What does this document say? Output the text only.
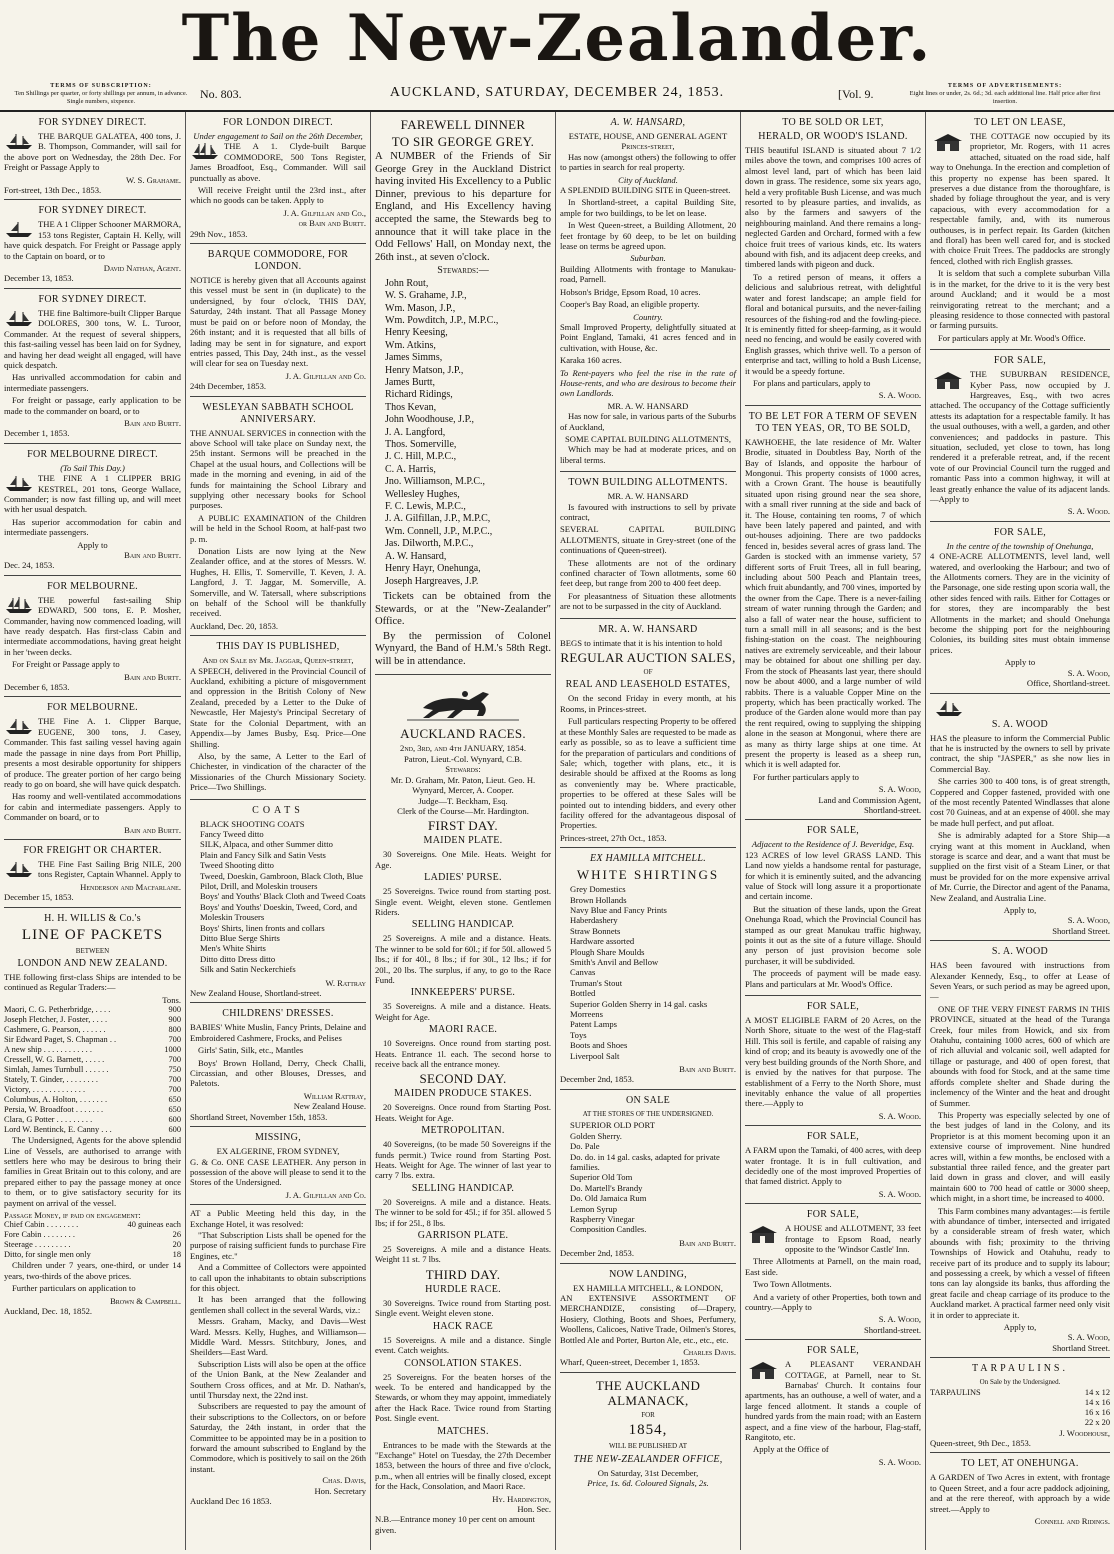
The New-Zealander.
TERMS OF SUBSCRIPTION:
Ten Shillings per quarter, or forty shillings per annum, in advance. Single numbers, sixpence.
No. 803.	AUCKLAND, SATURDAY, DECEMBER 24, 1853.	[Vol. 9.
TERMS OF ADVERTISEMENTS:
Eight lines or under, 2s. 6d.; 3d. each additional line. Half price after first insertion.
FOR SYDNEY DIRECT.

THE BARQUE GALATEA, 400 tons, J. B. Thompson, Commander, will sail for the above port on Wednesday, the 28th Dec. For Freight or Passage Apply to

W. S. Grahame.
Fort-street, 13th Dec., 1853.
FOR SYDNEY DIRECT.

THE A 1 Clipper Schooner MARMORA, 153 tons Register, Captain H. Kelly, will have quick despatch. For Freight or Passage apply to the Captain on board, or to

David Nathan, Agent.
December 13, 1853.
FOR SYDNEY DIRECT.

THE fine Baltimore-built Clipper Barque DOLORES, 300 tons, W. L. Turoor, Commander. At the request of several shippers, this fast-sailing vessel has been laid on for Sydney, and having her dead weight all engaged, will have quick despatch.

Has unrivalled accommodation for cabin and intermediate passengers.

For freight or passage, early application to be made to the commander on board, or to

Bain and Burtt.
December 1, 1853.
FOR MELBOURNE DIRECT.
(To Sail This Day.)

THE FINE A 1 CLIPPER BRIG KESTREL, 201 tons, George Wallace, Commander; is now fast filling up, and will meet with her usual despatch.

Has superior accommodation for cabin and intermediate passengers.

Apply to
Bain and Burtt.
Dec. 24, 1853.
FOR MELBOURNE.

THE powerful fast-sailing Ship EDWARD, 500 tons, E. P. Mosher, Commander, having now commenced loading, will have ready despatch. Has first-class Cabin and intermediate accommodations, having great height in her 'tween decks.

For Freight or Passage apply to

Bain and Burtt.
December 6, 1853.
FOR MELBOURNE.

THE Fine A. 1. Clipper Barque, EUGENE, 300 tons, J. Casey, Commander. This fast sailing vessel having again made the passage in nine days from Port Phillip, presents a most desirable opportunity for shippers of produce. The greater portion of her cargo being ready to go on board, she will have quick despatch.

Has roomy and well-ventilated accommodations for cabin and intermediate passengers. Apply to Commander on board, or to

Bain and Burtt.
FOR FREIGHT OR CHARTER.

THE Fine Fast Sailing Brig NILE, 200 tons Register, Captain Whannel. Apply to

Henderson and Macfarlane.
December 15, 1853.
H. H. WILLIS & Co.'s
LINE OF PACKETS
BETWEEN
LONDON AND NEW ZEALAND.

THE following first-class Ships are intended to be continued as Regular Traders:—

Tons.
Maori, C. G. Petherbridge, . . . .	900
Joseph Fletcher, J. Foster, . . . .	900
Cashmere, G. Pearson, . . . . . .	800
Sir Edward Paget, S. Chapman . .	700
A new ship . . . . . . . . . . . .	1000
Cressell, W. G. Barnett, . . . . .	700
Simlah, James Turnbull . . . . . .	750
Stately, T. Ginder, . . . . . . . .	700
Victory, . . . . . . . . . . . . .	700
Columbus, A. Holton, . . . . . . .	650
Persia, W. Broadfoot . . . . . . .	650
Clara, G Potter . . . . . . . . .	600
Lord W. Bentinck, E. Canny . . .	600

The Undersigned, Agents for the above splendid Line of Vessels, are authorised to arrange with settlers here who may be desirous to bring their families in Great Britain out to this colony, and are prepared either to pay the passage money at once to them, or to give satisfactory security for its payment on arrival of the vessel.

Passage Money, if paid on engagement:
Chief Cabin . . . . . . . .	40 guineas each
Fore Cabin . . . . . . . .	26
Steerage . . . . . . . . .	20
Ditto, for single men only	18

Children under 7 years, one-third, or under 14 years, two-thirds of the above prices.

Further particulars on application to

Brown & Campbell.
Auckland, Dec. 18, 1852.
FOR LONDON DIRECT.
Under engagement to Sail on the 26th December,

THE A 1. Clyde-built Barque COMMODORE, 500 Tons Register, James Broadfoot, Esq., Commander. Will sail punctually as above.

Will receive Freight until the 23rd inst., after which no goods can be taken. Apply to

J. A. Gilfillan and Co.,
or Bain and Burtt.
29th Nov., 1853.
BARQUE COMMODORE, FOR LONDON.

NOTICE is hereby given that all Accounts against this vessel must be sent in (in duplicate) to the undersigned, by four o'clock, THIS DAY, Saturday, 24th instant. That all Passage Money must be paid on or before noon of Monday, the 26th instant; and it is requested that all bills of lading may be sent in for signature, and export entries passed, This Day, 24th inst., as the vessel will clear for sea on Tuesday next.

J. A. Gilfillan and Co.
24th December, 1853.
WESLEYAN SABBATH SCHOOL ANNIVERSARY.

THE ANNUAL SERVICES in connection with the above School will take place on Sunday next, the 25th instant. Sermons will be preached in the Chapel at the usual hours, and Collections will be made in the morning and evening, in aid of the funds for maintaining the School Library and supplying other necessary books for School purposes.

A PUBLIC EXAMINATION of the Children will be held in the School Room, at half-past two p. m.

Donation Lists are now lying at the New Zealander office, and at the stores of Messrs. W. Hughes, H. Ellis, T. Somerville, T. Keven, J. A. Langford, J. T. Jaggar, M. Somerville, A. Somerville, and W. Tatersall, where subscriptions on behalf of the School will be thankfully received.

Auckland, Dec. 20, 1853.
THIS DAY IS PUBLISHED,
And on Sale by Mr. Jaggar, Queen-street,

A SPEECH, delivered in the Provincial Council of Auckland, exhibiting a picture of misgovernment and oppression in the British Colony of New Zealand, preceded by a Letter to the Duke of Newcastle, Her Majesty's Principal Secretary of State for the Colonial Department, with an Appendix—by James Busby, Esq. Price—One Shilling.

Also, by the same, A Letter to the Earl of Chichester, in vindication of the character of the Missionaries of the Church Missionary Society. Price—Two Shillings.

COATS
BLACK SHOOTING COATS
Fancy Tweed ditto
SILK, Alpaca, and other Summer ditto
Plain and Fancy Silk and Satin Vests
Tweed Shooting ditto
Tweed, Doeskin, Gambroon, Black Cloth, Blue Pilot, Drill, and Moleskin trousers
Boys' and Youths' Black Cloth and Tweed Coats
Boys' and Youths' Doeskin, Tweed, Cord, and Moleskin Trousers
Boys' Shirts, linen fronts and collars
Ditto Blue Serge Shirts
Men's White Shirts
Ditto ditto Dress ditto
Silk and Satin Neckerchiefs
W. Rattray
New Zealand House, Shortland-street.
CHILDRENS' DRESSES.

BABIES' White Muslin, Fancy Prints, Delaine and Embroidered Cashmere, Frocks, and Pelises

Girls' Satin, Silk, etc., Mantles

Boys' Brown Holland, Derry, Check Challi, Circassian, and other Blouses, Dresses, and Paletots.

William Rattray,
New Zealand House.
Shortland Street, November 15th, 1853.
MISSING,
EX ALGERINE, FROM SYDNEY,

G. & Co. ONE CASE LEATHER. Any person in possession of the above will please to send it to the Stores of the Undersigned.

J. A. Gilfillan and Co.

AT a Public Meeting held this day, in the Exchange Hotel, it was resolved:

"That Subscription Lists shall be opened for the purpose of raising sufficient funds to purchase Fire Engines, etc."

And a Committee of Collectors were appointed to call upon the inhabitants to obtain subscriptions for this object.

It has been arranged that the following gentlemen shall collect in the several Wards, viz.:

Messrs. Graham, Macky, and Davis—West Ward. Messrs. Kelly, Hughes, and Williamson—Middle Ward. Messrs. Stitchbury, Jones, and Sheilders—East Ward.

Subscription Lists will also be open at the office of the Union Bank, at the New Zealander and Southern Cross offices, and at Mr. D. Nathan's, until Thursday next, the 22nd inst.

Subscribers are requested to pay the amount of their subscriptions to the Collectors, on or before Saturday, the 24th instant, in order that the Committee to be appointed may be in a position to forward the amount subscribed to England by the Commodore, which is positively to sail on the 26th instant.

Chas. Davis,
Hon. Secretary
Auckland Dec 16 1853.
FAREWELL DINNER
TO SIR GEORGE GREY.

A NUMBER of the Friends of Sir George Grey in the Auckland District having invited His Excellency to a Public Dinner, previous to his departure for England, and His Excellency having accepted the same, the Stewards beg to announce that it will take place in the Odd Fellows' Hall, on Monday next, the 26th inst., at seven o'clock.

Stewards:—
John Rout,
W. S. Grahame, J.P.,
Wm. Mason, J.P.,
Wm. Powditch, J.P., M.P.C.,
Henry Keesing,
Wm. Atkins,
James Simms,
Henry Matson, J.P.,
James Burtt,
Richard Ridings,
Thos Kevan,
John Woodhouse, J.P.,
J. A. Langford,
Thos. Somerville,
J. C. Hill, M.P.C.,
C. A. Harris,
Jno. Williamson, M.P.C.,
Wellesley Hughes,
F. C. Lewis, M.P.C.,
J. A. Gilfillan, J.P., M.P.C,
Wm. Connell, J.P., M.P.C.,
Jas. Dilworth, M.P.C.,
A. W. Hansard,
Henry Hayr, Onehunga,
Joseph Hargreaves, J.P.

Tickets can be obtained from the Stewards, or at the "New-Zealander" Office.

By the permission of Colonel Wynyard, the Band of H.M.'s 58th Regt. will be in attendance.

AUCKLAND RACES.
2nd, 3rd, and 4th JANUARY, 1854.
Patron, Lieut.-Col. Wynyard, C.B.
Stewards:
Mr. D. Graham, Mr. Paton, Lieut. Geo. H. Wynyard, Mercer, A. Cooper.
Judge—T. Beckham, Esq.
Clerk of the Course—Mr. Hardington.
FIRST DAY.
MAIDEN PLATE.

30 Sovereigns. One Mile. Heats. Weight for Age.

LADIES' PURSE.

25 Sovereigns. Twice round from starting post. Single event. Weight, eleven stone. Gentlemen Riders.

SELLING HANDICAP.

25 Sovereigns. A mile and a distance. Heats. The winner to be sold for 60l.; if for 50l. allowed 5 lbs.; if for 40l., 8 lbs.; if for 30l., 12 lbs.; if for 20l., 20 lbs. The surplus, if any, to go to the Race Fund.

INNKEEPERS' PURSE.

35 Sovereigns. A mile and a distance. Heats. Weight for Age.

MAORI RACE.

10 Sovereigns. Once round from starting post. Heats. Entrance 1l. each. The second horse to receive back all the entrance money.

SECOND DAY.
MAIDEN PRODUCE STAKES.

20 Sovereigns. Once round from Starting Post. Heats. Weight for Age.

METROPOLITAN.

40 Sovereigns, (to be made 50 Sovereigns if the funds permit.) Twice round from Starting Post. Heats. Weight for Age. The winner of last year to carry 7 lbs. extra.

SELLING HANDICAP.

20 Sovereigns. A mile and a distance. Heats. The winner to be sold for 45l.; if for 35l. allowed 5 lbs; if for 25l., 8 lbs.

GARRISON PLATE.

25 Sovereigns. A mile and a distance Heats. Weight 11 st. 7 lbs.

THIRD DAY.
HURDLE RACE.

30 Sovereigns. Twice round from Starting post. Single event. Weight eleven stone.

HACK RACE

15 Sovereigns. A mile and a distance. Single event. Catch weights.

CONSOLATION STAKES.

25 Sovereigns. For the beaten horses of the week. To be entered and handicapped by the Stewards, or whom they may appoint, immediately after the Hack Race. Twice round from Starting Post. Single event.

MATCHES.

Entrances to be made with the Stewards at the "Exchange" Hotel on Tuesday, the 27th December 1853, between the hours of three and five o'clock, p.m., when all entries will be finally closed, except for the Hack, Consolation, and Maori Race.

Hy. Hardington,
Hon. Sec.
N.B.—Entrance money 10 per cent on amount given.
A. W. HANSARD,
ESTATE, HOUSE, AND GENERAL AGENT
Princes-street,

Has now (amongst others) the following to offer to parties in search for real property.

City of Auckland.

A SPLENDID BUILDING SITE in Queen-street.

In Shortland-street, a capital Building Site, ample for two buildings, to be let on lease.

In West Queen-street, a Building Allotment, 20 feet frontage by 60 deep, to be let on building lease on terms be agreed upon.

Suburban.

Building Allotments with frontage to Manukau-road, Parnell.

Hobson's Bridge, Epsom Road, 10 acres.

Cooper's Bay Road, an eligible property.

Country.

Small Improved Property, delightfully situated at Point England, Tamaki, 41 acres fenced and in cultivation, with House, &c.

Karaka 160 acres.

To Rent-payers who feel the rise in the rate of House-rents, and who are desirous to become their own Landlords.

MR. A. W. HANSARD

Has now for sale, in various parts of the Suburbs of Auckland,

SOME CAPITAL BUILDING ALLOTMENTS,

Which may be had at moderate prices, and on liberal terms.

TOWN BUILDING ALLOTMENTS.
MR. A. W. HANSARD

Is favoured with instructions to sell by private contract,

SEVERAL CAPITAL BUILDING ALLOTMENTS, situate in Grey-street (one of the continuations of Queen-street).

These allotments are not of the ordinary confined character of Town allotments, some 60 feet deep, but range from 200 to 400 feet deep.

For pleasantness of Situation these allotments are not to be surpassed in the city of Auckland.

MR. A. W. HANSARD

BEGS to intimate that it is his intention to hold

REGULAR AUCTION SALES,
OF
REAL AND LEASEHOLD ESTATES,

On the second Friday in every month, at his Rooms, in Princes-street.

Full particulars respecting Property to be offered at these Monthly Sales are requested to be made as early as possible, so as to leave a sufficient time for the preparation of particulars and conditions of Sale; which, together with plans, etc., it is desirable should be affixed at the Rooms as long as conveniently may be. Where practicable, properties to be offered at these Sales will be pointed out to intending bidders, and every other facility offered for the advantageous disposal of Properties.

Princes-street, 27th Oct., 1853.
EX HAMILLA MITCHELL.
WHITE SHIRTINGS
Grey Domestics
Brown Hollands
Navy Blue and Fancy Prints
Haberdashery
Straw Bonnets
Hardware assorted
Plough Share Moulds
Smith's Anvil and Bellow
Canvas
Truman's Stout
Bottled
Superior Golden Sherry in 14 gal. casks
Morreens
Patent Lamps
Toys
Boots and Shoes
Liverpool Salt
Bain and Burtt.
December 2nd, 1853.
ON SALE
AT THE STORES OF THE UNDERSIGNED.
SUPERIOR OLD PORT
Golden Sherry.
Do. Pale
Do. do. in 14 gal. casks, adapted for private families.
Superior Old Tom
Do. Martell's Brandy
Do. Old Jamaica Rum
Lemon Syrup
Raspberry Vinegar
Composition Candles.
Bain and Burtt.
December 2nd, 1853.
NOW LANDING,
EX HAMILLA MITCHELL, & LONDON,

AN EXTENSIVE ASSORTMENT OF MERCHANDIZE, consisting of—Drapery, Hosiery, Clothing, Boots and Shoes, Perfumery, Woollens, Calicoes, Native Trade, Oilmen's Stores, Bottled Ale and Porter, Burton Ale, etc., etc., etc.

Charles Davis.
Wharf, Queen-street, December 1, 1853.
THE AUCKLAND ALMANACK,
FOR
1854,
WILL BE PUBLISHED AT
THE NEW-ZEALANDER OFFICE,
On Saturday, 31st December,
Price, 1s. 6d. Coloured Signals, 2s.
TO BE SOLD OR LET,
HERALD, OR WOOD'S ISLAND.

THIS beautiful ISLAND is situated about 7 1/2 miles above the town, and comprises 100 acres of almost level land, part of which has been laid down in grass. The residence, some six years ago, held a very profitable Bush License, and was much resorted to by pleasure parties, and invalids, as also by the farmers and sawyers of the neighbouring mainland. And there remains a long-neglected Garden and Orchard, formed with a few choice fruit trees of various kinds, etc. Its waters abound with fish, and its adjacent deep creeks, and timbered lands with pigeon and duck.

To a retired person of means, it offers a delicious and salubrious retreat, with delightful water and forest landscape; an ample field for floral and botanical pursuits, and the never-failing resources of the fishing-rod and the fowling-piece. It is eminently fitted for sheep-farming, as it would need no fencing, and would be easily covered with English grasses, which thrive well. To a person of enterprise and tact, willing to hold a Bush License, it would be a speedy fortune.

For plans and particulars, apply to

S. A. Wood.
TO BE LET FOR A TERM OF SEVEN TO TEN YEAS, OR, TO BE SOLD,

KAWHOEHE, the late residence of Mr. Walter Brodie, situated in Doubtless Bay, North of the Bay of Islands, and opposite the harbour of Mongonui. This property consists of 1000 acres, with a Crown Grant. The house is beautifully situated upon rising ground near the sea shore, with a small river running at the side and back of it. The House, containing ten rooms, 7 of which have been lately papered and painted, and with out-houses adjoining. There are two paddocks fenced in, besides several acres of grass land. The Garden is stocked with an immense variety, 57 different sorts of Fruit Trees, all in full bearing, including about 500 Peach and Plantain trees, which fruit abundantly, and 700 vines, imported by the owner from the Cape. There is a never-failing stream of water running through the Garden; and also a fall of water near the house, sufficient to turn a small mill in all seasons; and is the best fishing-station on the coast. The neighbouring natives are extremely serviceable, and their labour may be obtained for about one shilling per day. From the stock of Pheasants last year, there should now be about 4000, and a large number of wild rabbits. There is a valuable Copper Mine on the property, which has been practically worked. The produce of the Garden alone would more than pay the rent required, owing to supplying the shipping alone in the season at Mongonui, where there are as many as thirty large ships at one time. At present the property is leased as a sheep run, which it is well adapted for.

For further particulars apply to

S. A. Wood,
Land and Commission Agent,
Shortland-street.
FOR SALE,
Adjacent to the Residence of J. Beveridge, Esq.

123 ACRES of low level GRASS LAND. This Land now yields a handsome rental for pasturage, for which it is eminently suited, and the advancing value of Stock will long assure it a proportionate and certain income.

But the situation of these lands, upon the Great Onehunga Road, which the Provincial Council has stamped as our great Manukau traffic highway, points it out as the site of a future village. Should any person of just provision become sole purchaser, it will be subdivided.

The proceeds of payment will be made easy. Plans and particulars at Mr. Wood's Office.

FOR SALE,

A MOST ELIGIBLE FARM of 20 Acres, on the North Shore, situate to the west of the Flag-staff Hill. This soil is fertile, and capable of raising any kind of crop; and its beauty is avowedly one of the very best building grounds of the North Shore, and is envied by the natives for that purpose. The establishment of a Ferry to the North Shore, must inevitably enhance the value of all properties there.—Apply to

S. A. Wood.
FOR SALE,

A FARM upon the Tamaki, of 400 acres, with deep water frontage. It is in full cultivation, and decidedly one of the most improved Properties of that famed district. Apply to

S. A. Wood.
FOR SALE,

A HOUSE and ALLOTMENT, 33 feet frontage to Epsom Road, nearly opposite to the 'Windsor Castle' Inn.

Three Allotments at Parnell, on the main road, East side.

Two Town Allotments.

And a variety of other Properties, both town and country.—Apply to

S. A. Wood,
Shortland-street.
FOR SALE,

A PLEASANT VERANDAH COTTAGE, at Parnell, near to St. Barnabas' Church. It contains four apartments, has an outhouse, a well of water, and a large fenced allotment. It stands a couple of hundred yards from the main road; with an Eastern aspect, and a fine view of the harbour, Flag-staff, Rangitoto, etc.

Apply at the Office of

S. A. Wood.
TO LET ON LEASE,

THE COTTAGE now occupied by its proprietor, Mr. Rogers, with 11 acres attached, situated on the road side, half way to Onehunga. In the erection and completion of this property no expense has been spared. It preserves a due distance from the thoroughfare, is shaded by foliage throughout the year, and is very capacious, with every accommodation for a respectable family, and, with its numerous outhouses, is in perfect repair. Its Garden (kitchen and floral) has been well cared for, and is stocked with choice Fruit Trees. The paddocks are strongly fenced, clothed with rich English grasses.

It is seldom that such a complete suburban Villa is in the market, for the drive to it is the very best around Auckland; and it would be a most reinvigorating retreat to the merchant; and a pleasing residence to those connected with pastoral or farming pursuits.

For particulars apply at Mr. Wood's Office.

FOR SALE,

THE SUBURBAN RESIDENCE, Kyber Pass, now occupied by J. Hargreaves, Esq., with two acres attached. The occupancy of the Cottage sufficiently attests its adaptation for a respectable family. It has the usual outhouses, with a well, a garden, and other conveniences; and paddocks in pasture. This situation, secluded, yet close to town, has long rendered it a preferable retreat, and, if the recent vote of our Provincial Council turn the rugged and romantic Pass into a common highway, it will at least greatly enhance the value of its adjacent lands.—Apply to

S. A. Wood.
FOR SALE,
In the centre of the township of Onehunga,

4 ONE-ACRE ALLOTMENTS, level land, well watered, and overlooking the Harbour; and two of the Allotments corners. They are in the vicinity of the Parsonage, one side resting upon scoria wall, the other sides fenced with rails. Either for Cottages or for stores, they are incomparably the best Allotments in the market; and should Onehunga become the shipping port for the neighbouring Colonies, its building sites must obtain immense prices.

Apply to
S. A. Wood,
Office, Shortland-street.
S. A. WOOD

HAS the pleasure to inform the Commercial Public that he is instructed by the owners to sell by private contract, the ship "JASPER," as she now lies in Commercial Bay.

She carries 300 to 400 tons, is of great strength, Coppered and Copper fastened, provided with one of the most recently Patented Windlasses that alone cost 70 Guineas, and at an expense of 400l. she may be made hull perfect, and put afloat.

She is admirably adapted for a Store Ship—a crying want at this moment in Auckland, when storage is scarce and dear, and a want that must be supplied on the first visit of a Steam Liner, or that must be provided for on the more expensive arrival of Mr. Currie, the Director and agent of the Panama, New Zealand, and Australia Line.

Apply to,
S. A. Wood,
Shortland Street.
S. A. WOOD

HAS been favoured with instructions from Alexander Kennedy, Esq., to offer at Lease of Seven Years, or such period as may be agreed upon,—

ONE OF THE VERY FINEST FARMS IN THIS PROVINCE, situated at the head of the Turanga Creek, four miles from Howick, and six from Otahuhu, containing 1000 acres, 600 of which are of rich alluvial and volcanic soil, well adapted for tillage or pasturage, and 400 of open forest, that abounds with food for Stock, and at the same time affords complete shelter and Shade during the inclemency of the Winter and the heat and drought of Summer.

This Property was especially selected by one of the best judges of land in the Colony, and its Proprietor is at this moment becoming upon it an extensive course of improvement. Nine hundred acres will, within a few months, be enclosed with a substantial three railed fence, and the greater part laid down in grass and clover, and will easily maintain 600 to 700 head of cattle or 3000 sheep, which might, in a short time, be increased to 4000.

This Farm combines many advantages:—is fertile with abundance of timber, intersected and irrigated by a considerable stream of fresh water, which abounds with fish; proximity to the thriving Townships of Howick and Otahuhu, ready to receive part of its produce and to supply its labour; and possessing a creek, by which a vessel of fifteen tons can lay alongside its banks, thus affording the great facile and cheap carriage of its produce to the Auckland market. A practical farmer need only visit it in order to appreciate it.

Apply to,
S. A. Wood,
Shortland Street.
TARPAULINS.
On Sale by the Undersigned.
TARPAULINS	14 x 12
	14 x 16
	16 x 16
	22 x 20
J. Woodhouse,
Queen-street, 9th Dec., 1853.
TO LET, AT ONEHUNGA.

A GARDEN of Two Acres in extent, with frontage to Queen Street, and a four acre paddock adjoining, and at the rere thereof, with approach by a wide street.—Apply to

Connell and Ridings.
